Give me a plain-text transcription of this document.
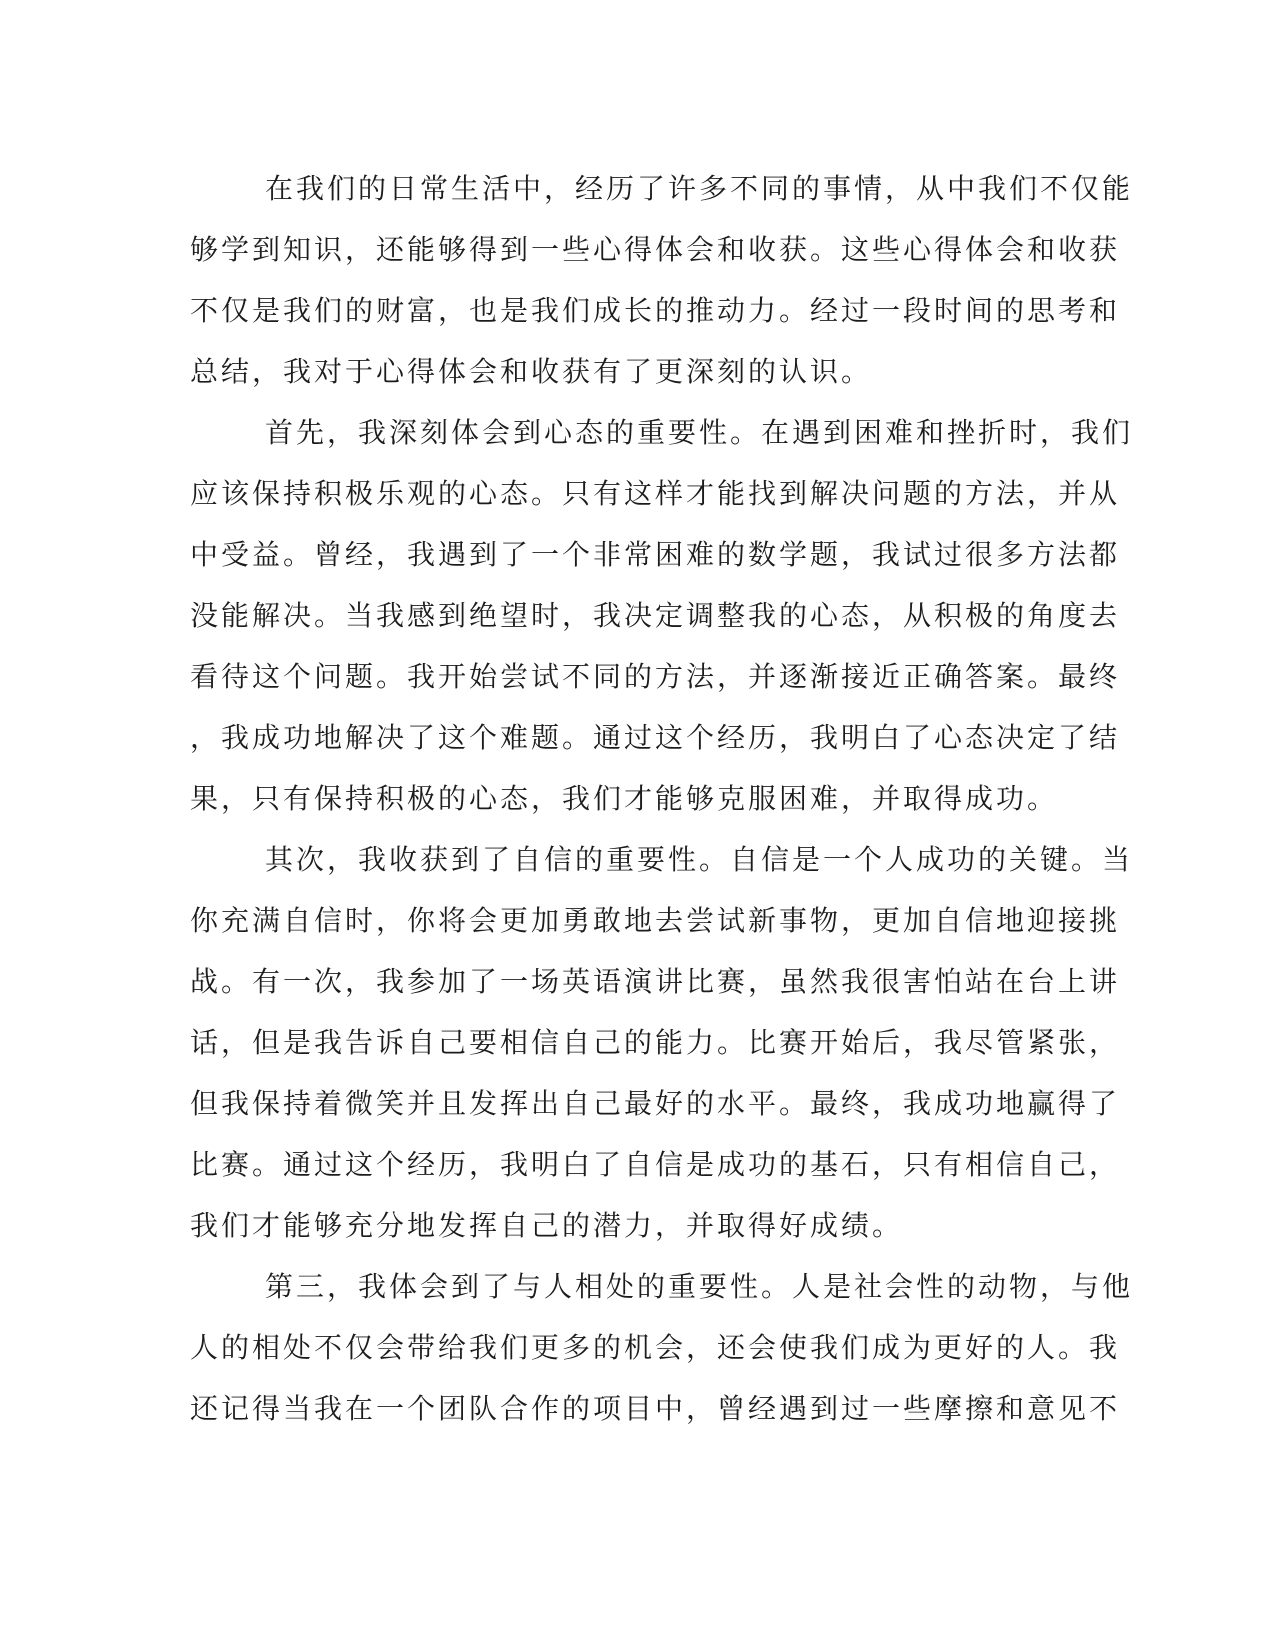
在我们的日常生活中，经历了许多不同的事情，从中我们不仅能
够学到知识，还能够得到一些心得体会和收获。这些心得体会和收获
不仅是我们的财富，也是我们成长的推动力。经过一段时间的思考和
总结，我对于心得体会和收获有了更深刻的认识。
首先，我深刻体会到心态的重要性。在遇到困难和挫折时，我们
应该保持积极乐观的心态。只有这样才能找到解决问题的方法，并从
中受益。曾经，我遇到了一个非常困难的数学题，我试过很多方法都
没能解决。当我感到绝望时，我决定调整我的心态，从积极的角度去
看待这个问题。我开始尝试不同的方法，并逐渐接近正确答案。最终
，我成功地解决了这个难题。通过这个经历，我明白了心态决定了结
果，只有保持积极的心态，我们才能够克服困难，并取得成功。
其次，我收获到了自信的重要性。自信是一个人成功的关键。当
你充满自信时，你将会更加勇敢地去尝试新事物，更加自信地迎接挑
战。有一次，我参加了一场英语演讲比赛，虽然我很害怕站在台上讲
话，但是我告诉自己要相信自己的能力。比赛开始后，我尽管紧张，
但我保持着微笑并且发挥出自己最好的水平。最终，我成功地赢得了
比赛。通过这个经历，我明白了自信是成功的基石，只有相信自己，
我们才能够充分地发挥自己的潜力，并取得好成绩。
第三，我体会到了与人相处的重要性。人是社会性的动物，与他
人的相处不仅会带给我们更多的机会，还会使我们成为更好的人。我
还记得当我在一个团队合作的项目中，曾经遇到过一些摩擦和意见不
